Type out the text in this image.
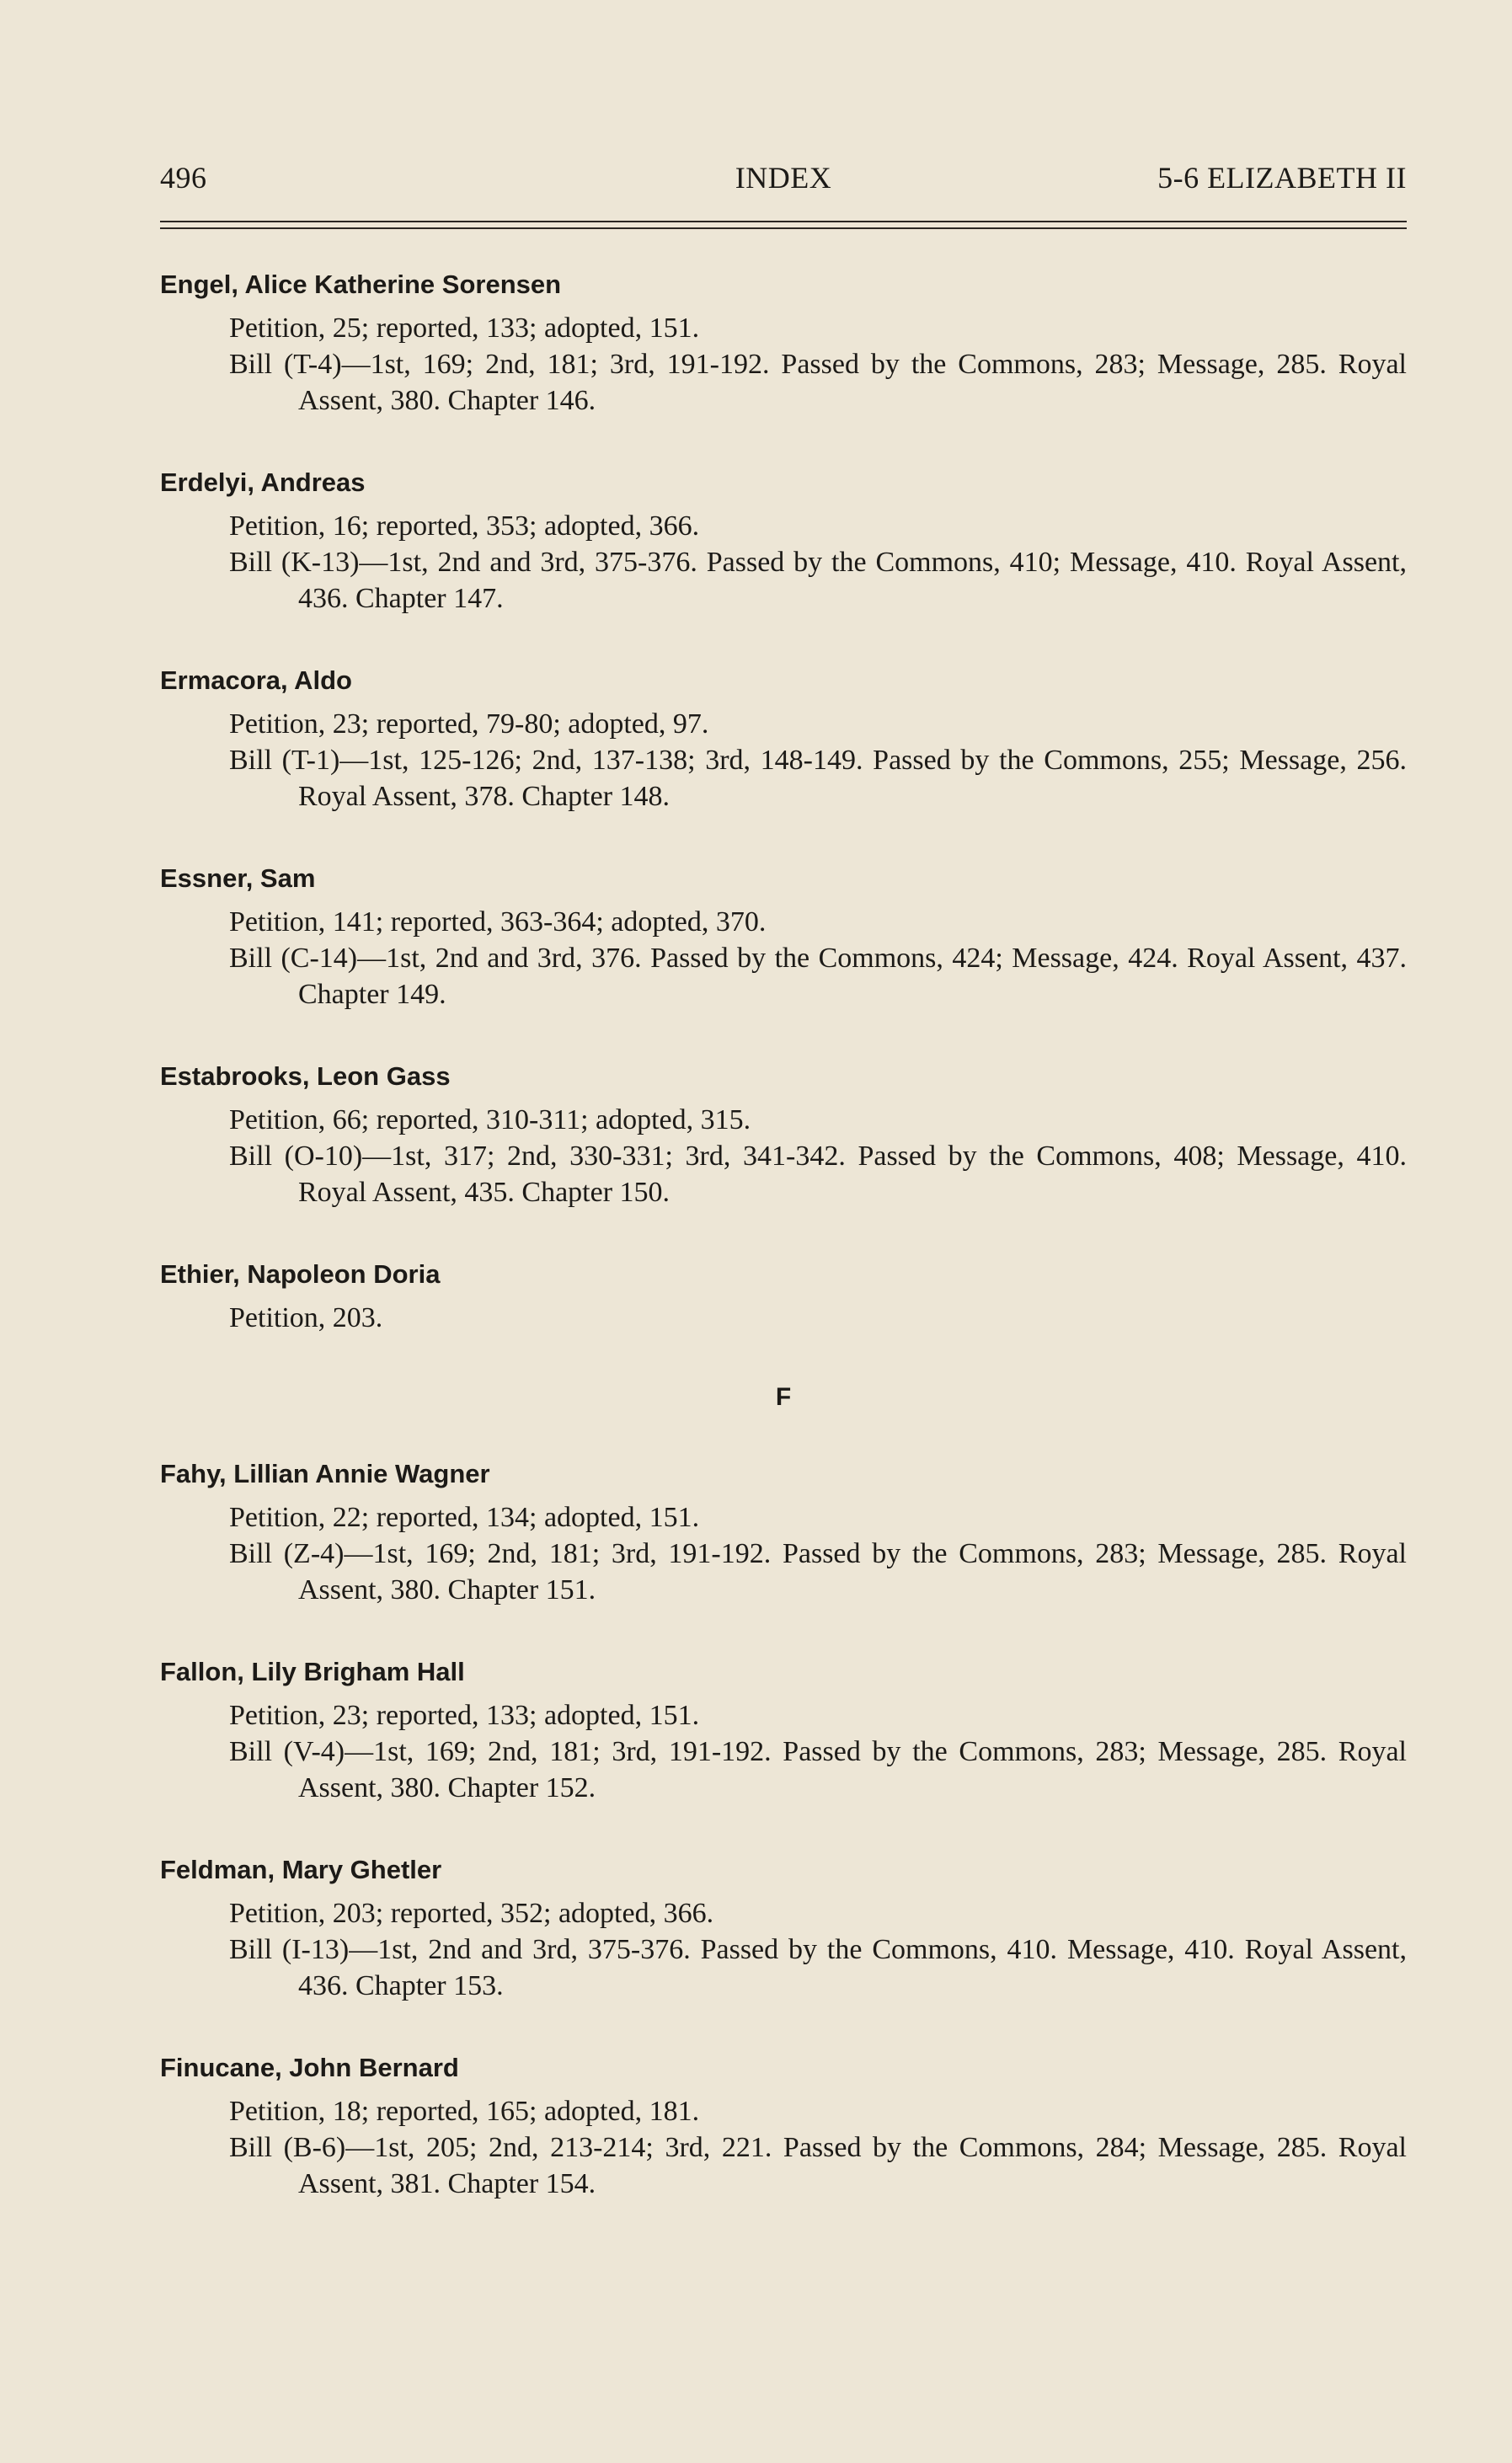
496	INDEX	5-6 ELIZABETH II
Engel, Alice Katherine Sorensen
Petition, 25; reported, 133; adopted, 151.
Bill (T-4)—1st, 169; 2nd, 181; 3rd, 191-192. Passed by the Commons, 283; Message, 285. Royal Assent, 380. Chapter 146.
Erdelyi, Andreas
Petition, 16; reported, 353; adopted, 366.
Bill (K-13)—1st, 2nd and 3rd, 375-376. Passed by the Commons, 410; Message, 410. Royal Assent, 436. Chapter 147.
Ermacora, Aldo
Petition, 23; reported, 79-80; adopted, 97.
Bill (T-1)—1st, 125-126; 2nd, 137-138; 3rd, 148-149. Passed by the Commons, 255; Message, 256. Royal Assent, 378. Chapter 148.
Essner, Sam
Petition, 141; reported, 363-364; adopted, 370.
Bill (C-14)—1st, 2nd and 3rd, 376. Passed by the Commons, 424; Message, 424. Royal Assent, 437. Chapter 149.
Estabrooks, Leon Gass
Petition, 66; reported, 310-311; adopted, 315.
Bill (O-10)—1st, 317; 2nd, 330-331; 3rd, 341-342. Passed by the Commons, 408; Message, 410. Royal Assent, 435. Chapter 150.
Ethier, Napoleon Doria
Petition, 203.
F
Fahy, Lillian Annie Wagner
Petition, 22; reported, 134; adopted, 151.
Bill (Z-4)—1st, 169; 2nd, 181; 3rd, 191-192. Passed by the Commons, 283; Message, 285. Royal Assent, 380. Chapter 151.
Fallon, Lily Brigham Hall
Petition, 23; reported, 133; adopted, 151.
Bill (V-4)—1st, 169; 2nd, 181; 3rd, 191-192. Passed by the Commons, 283; Message, 285. Royal Assent, 380. Chapter 152.
Feldman, Mary Ghetler
Petition, 203; reported, 352; adopted, 366.
Bill (I-13)—1st, 2nd and 3rd, 375-376. Passed by the Commons, 410. Message, 410. Royal Assent, 436. Chapter 153.
Finucane, John Bernard
Petition, 18; reported, 165; adopted, 181.
Bill (B-6)—1st, 205; 2nd, 213-214; 3rd, 221. Passed by the Commons, 284; Message, 285. Royal Assent, 381. Chapter 154.
